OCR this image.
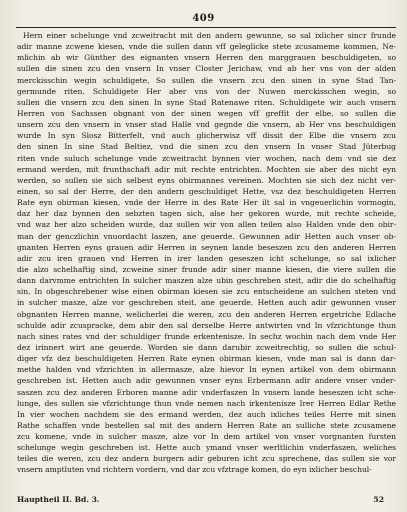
409
Hern einer schelunge vnd zcweitracht mit den andern gewunne, so sal ixlicher sincr frunde
adir manne zcwene kiesen, vnde die sullen dann vff geleglicke stete zcusameme kommen, Ne-
mlichin ab wir Günther des eignanten vnsern Herren den marggrauen beschuldigeten, so
sullen die sinen zcu den vnsern In vnser Closter Jerichaw, vnd ab her vns von der alden
merckisschin wegin schuldigete, So sullen die vnsern zcu den sinen in syne Stad Tan-
germunde riten. Schuldigete Her aber vns von der Nuwen merckisschen wegin, so
sullen die vnsern zcu den sinen In syne Stad Ratenawe riten. Schuldigete wir auch vnsern
Herren von Sachssen obgnant von der sinen wegen vff greffit der elbe, so sullen die
unsern zcu den vnsern in vnser stad Halle vnd gegnde die vnsern, ab Her vns beschuldigen
wurde In syn Slosz Bitterfelt, vnd auch glicherwisz vff dissit der Elbe die vnsern zcu
den sinen In sine Stad Beltiez, vnd die sinen zcu den vnsern In vnser Stad Jüterbug
riten vnde suluch schelunge vnde zcweitracht bynnen vier wochen, nach dem vnd sie dez
ermand werden, mit frunthschaft adir mit rechte entrichten. Mochten sie aber des nicht eyn
werden, so sullen sie sich selbest eyns obirmannes vereinen. Mochten sie sich dez nicht ver-
einen, so sal der Herre, der den andern geschuldiget Hette, vsz dez beschuldigeten Herren
Rate eyn obirman kiesen, vnde der Herre in des Rate Her ilt sal in vngeuerlichin vormogin,
daz her daz bynnen den sebzten tagen sich, alse her gekoren wurde, mit rechte scheide,
vnd waz her alzo scheiden wurde, daz sullen wir von allen teilen also Halden vnde den obir-
man der genczlichin vnuordacht laszen, ane geuerde. Gewunnen adir Hetten auch vnser ob-
gnanten Herren eyns grauen adir Herren in seynen lande beseszen zcu den anderen Herren
adir zcu iren grauen vnd Herren in irer landen geseszen icht schelunge, so sal ixlicher
die alzo schelhaftig sind, zcweine siner frunde adir siner manne kiesen, die viere sullen die
dann darvmme entrichten In sulcher maszen alze ubin geschreben steit, adir die do schelhaftig
sin, In obgeschrebener wise einen obirman kiesen sie zcu entscheidene an sulchen steten vnd
in sulcher masze, alze vor geschreben steit, ane geuerde. Hetten auch adir gewunnen vnser
obgnanten Herren manne, welicherlei die weren, zcu den anderen Herren ergetriche Edlache
schulde adir zcuspracke, dem abir den sal derselbe Herre antwirten vnd In vfzrichtunge thun
nach sines rates vnd der schuldiger frunde erkentenisze. In sechz wochin nach dem vnde Her
dez irinnert wirt ane geuerde. Worden sie dann darubir zcweitrechtig, so sullen die schul-
diger vfz dez beschuldigeten Herren Rate eynen obirman kiesen, vnde man sal is dann dar-
methe halden vnd vfzrichten in allermasze, alze hievor In eynen artikel von dem obirmann
geschreben ist. Hetten auch adir gewunnen vnser eyns Erbermann adir andere vnser vnder-
saszen zcu dez anderen Erboren manne adir vnderfaszen In vnsern lande beseszen icht sche-
lunge, des sullen sie vfzrichtunge thun vnde nemen nach irkentenisze Irer Herren Edlar Rethe
In vier wochen nachdem sie des ermand werden, dez auch ixliches teiles Herre mit sinen
Rathe schaffen vnde bestellen sal mit des andern Herren Rate an sulliche stete zcusamene
zcu komene, vnde in sulcher masze, alze vor In dem artikel von vnser vorgnanten fursten
schelunge wegin geschreben ist. Hette auch ymand vnser werltlichin vnderfaszen, weliches
teiles die weren, zcu dez andern burgern adir geburen icht zcu sprechene, das sullen sie vor
vnsern amptluten vnd richtern vordern, vnd dar zcu vfztrage komen, do eyn ixlicher beschul-
Hauptheil II. Bd. 3.	52
